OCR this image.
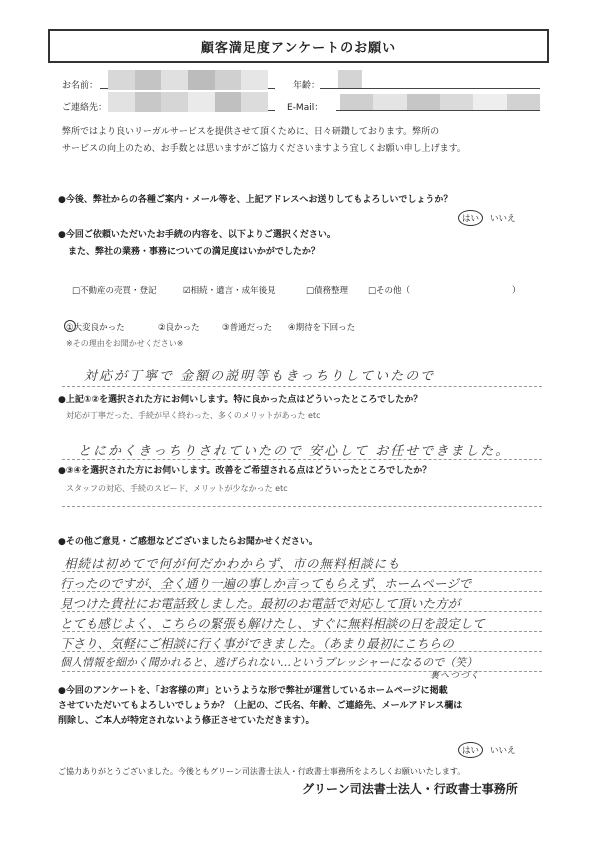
顧客満足度アンケートのお願い
お名前：	年齢：
ご連絡先：	E-Mail：
弊所ではより良いリーガルサービスを提供させて頂くために、日々研鑽しております。弊所の
サービスの向上のため、お手数とは思いますがご協力くださいますよう宜しくお願い申し上げます。
●今後、弊社からの各種ご案内・メール等を、上記アドレスへお送りしてもよろしいでしょうか？
はい	いいえ
●今回ご依頼いただいたお手続の内容を、以下よりご選択ください。
また、弊社の業務・事務についての満足度はいかがでしたか？
□不動産の売買・登記	☑相続・遺言・成年後見	□債務整理 □その他（	）
①大変良かった	②良かった	③普通だった ④期待を下回った
※その理由をお聞かせください※
対応が丁寧で 金額の説明等もきっちりしていたので
●上記①②を選択された方にお伺いします。特に良かった点はどういったところでしたか？
対応が丁寧だった、手続が早く終わった、多くのメリットがあった etc
とにかくきっちりされていたので 安心して お任せできました。
●③④を選択された方にお伺いします。改善をご希望される点はどういったところでしたか？
スタッフの対応、手続のスピード、メリットが少なかった etc
●その他ご意見・ご感想などございましたらお聞かせください。
相続は初めてで何が何だかわからず、市の無料相談にも
行ったのですが、全く通り一遍の事しか言ってもらえず、ホームページで
見つけた貴社にお電話致しました。最初のお電話で対応して頂いた方が
とても感じよく、こちらの緊張も解けたし、すぐに無料相談の日を設定して
下さり、気軽にご相談に行く事ができました。（あまり最初にこちらの
個人情報を細かく聞かれると、逃げられない…というプレッシャーになるので（笑）
裏へつづく
●今回のアンケートを、「お客様の声」というような形で弊社が運営しているホームページに掲載
させていただいてもよろしいでしょうか？（上記の、ご氏名、年齢、ご連絡先、メールアドレス欄は
削除し、ご本人が特定されないよう修正させていただきます）。
はい	いいえ
ご協力ありがとうございました。今後ともグリーン司法書士法人・行政書士事務所をよろしくお願いいたします。
グリーン司法書士法人・行政書士事務所
